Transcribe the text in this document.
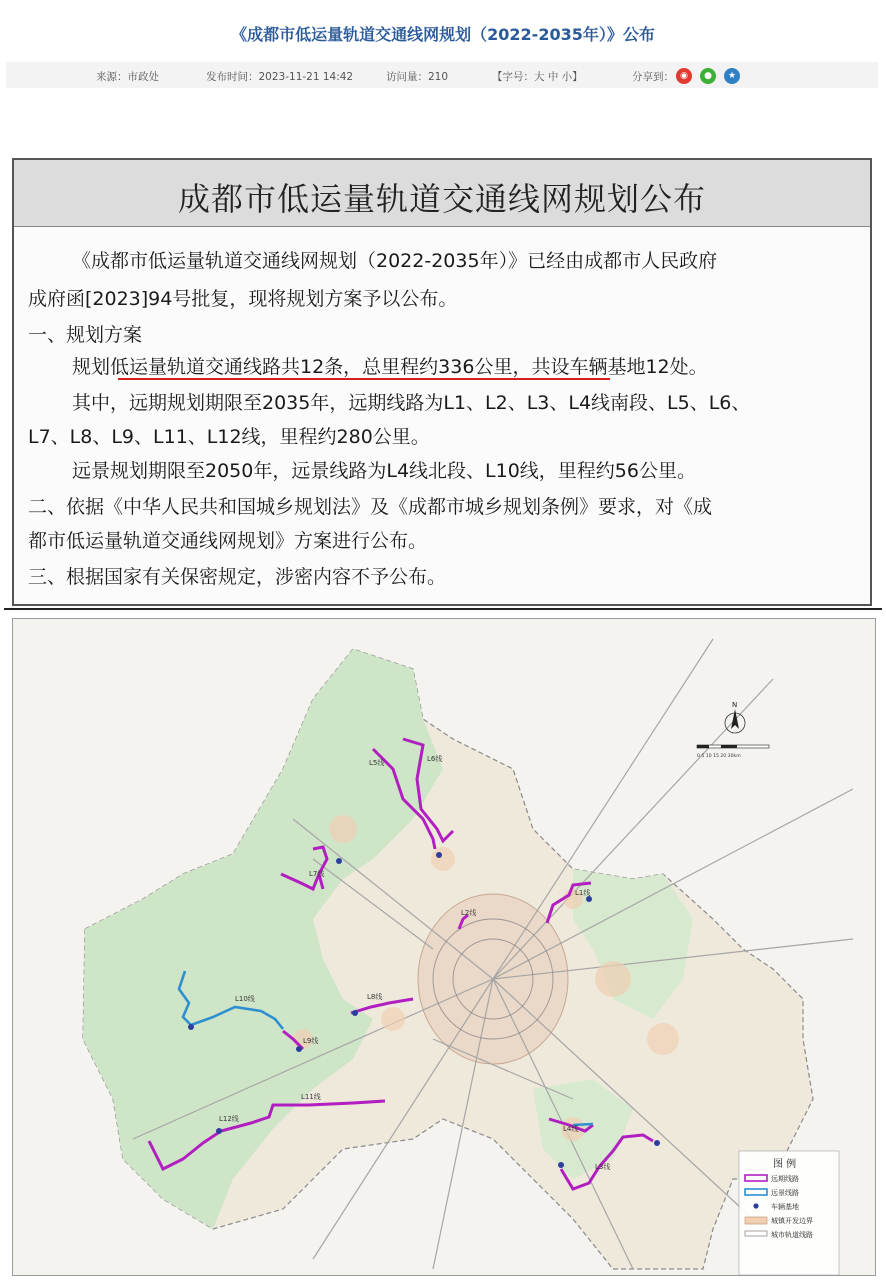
《成都市低运量轨道交通线网规划（2022-2035年）》公布
来源：市政处	发布时间：2023-11-21 14:42	访问量：210	【字号：大 中 小】	分享到： ◉	●	★
成都市低运量轨道交通线网规划公布
《成都市低运量轨道交通线网规划（2022-2035年）》已经由成都市人民政府
成府函[2023]94号批复，现将规划方案予以公布。
一、规划方案
规划低运量轨道交通线路共12条，总里程约336公里，共设车辆基地12处。
其中，远期规划期限至2035年，远期线路为L1、L2、L3、L4线南段、L5、L6、
L7、L8、L9、L11、L12线，里程约280公里。
远景规划期限至2050年，远景线路为L4线北段、L10线，里程约56公里。
二、依据《中华人民共和国城乡规划法》及《成都市城乡规划条例》要求，对《成
都市低运量轨道交通线网规划》方案进行公布。
三、根据国家有关保密规定，涉密内容不予公布。
L5线	L6线
L7线
L2线
L1线
L8线
L10线
L9线
L11线
L12线
L4线
L3线
N
0 5 10 15 20 30km
图 例
远期线路
远景线路
车辆基地
城镇开发边界
城市轨道线路
